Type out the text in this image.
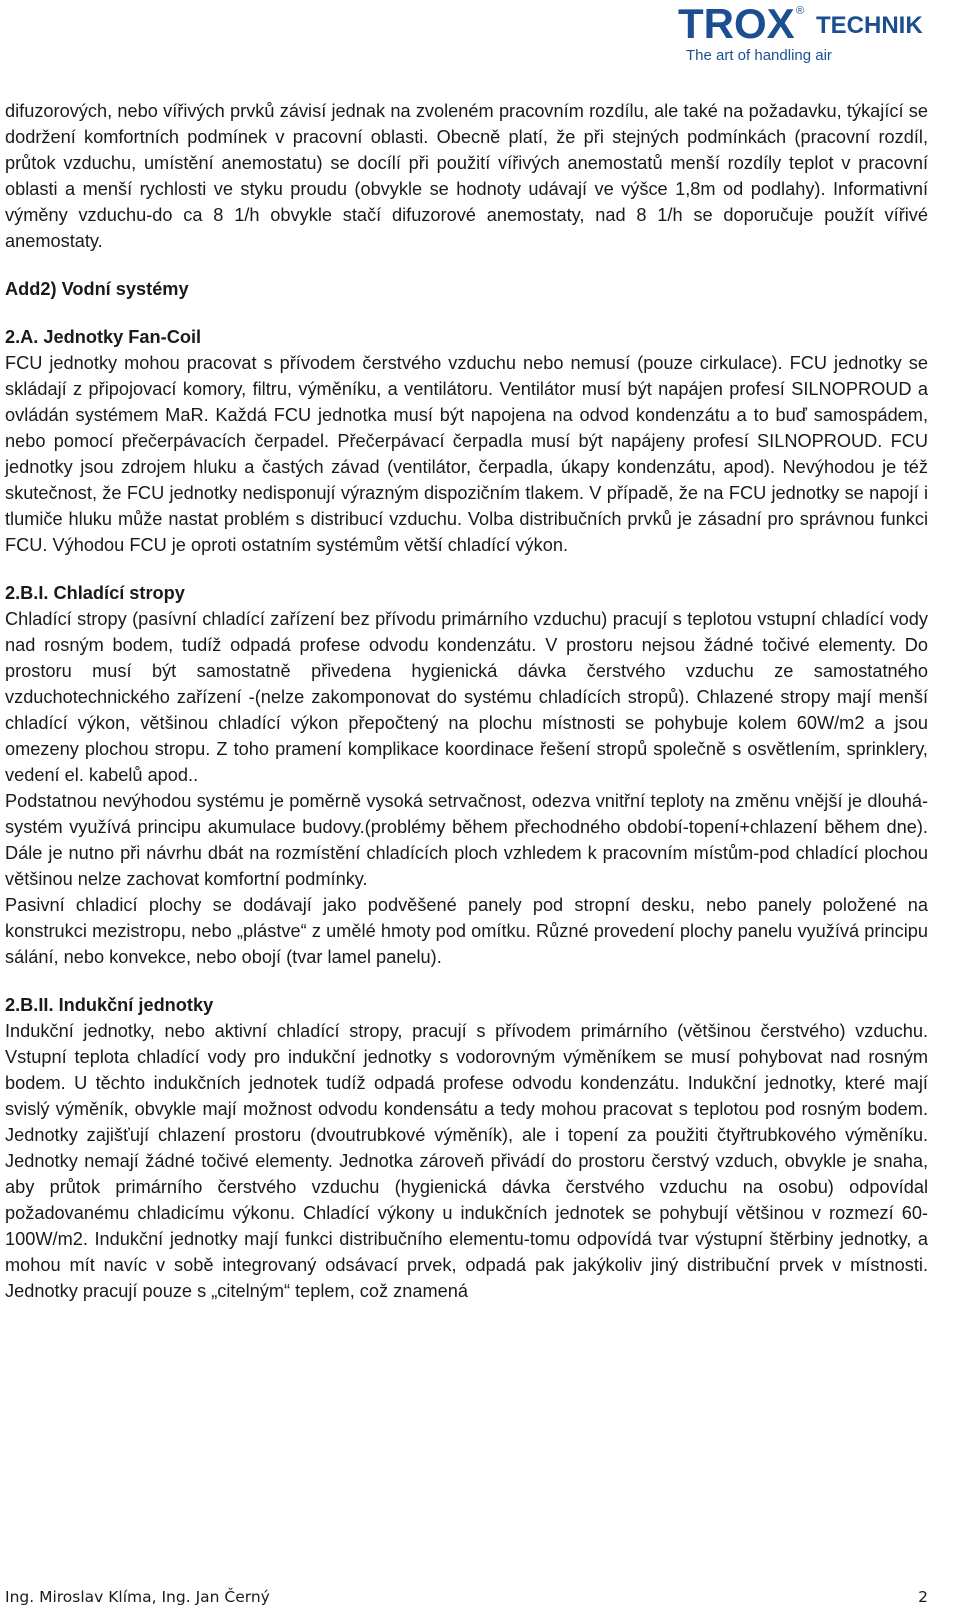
TROX ®
TECHNIK
The art of handling air

difuzorových, nebo vířivých prvků závisí jednak na zvoleném pracovním rozdílu, ale také na požadavku, týkající se dodržení komfortních podmínek v pracovní oblasti. Obecně platí, že při stejných podmínkách (pracovní rozdíl, průtok vzduchu, umístění anemostatu) se docílí při použití vířivých anemostatů menší rozdíly teplot v pracovní oblasti a menší rychlosti ve styku proudu (obvykle se hodnoty udávají ve výšce 1,8m od podlahy). Informativní výměny vzduchu-do ca 8 1/h obvykle stačí difuzorové anemostaty, nad 8 1/h se doporučuje použít vířivé anemostaty.

Add2) Vodní systémy
2.A. Jednotky Fan-Coil

FCU jednotky mohou pracovat s přívodem čerstvého vzduchu nebo nemusí (pouze cirkulace). FCU jednotky se skládají z připojovací komory, filtru, výměníku, a ventilátoru. Ventilátor musí být napájen profesí SILNOPROUD a ovládán systémem MaR. Každá FCU jednotka musí být napojena na odvod kondenzátu a to buď samospádem, nebo pomocí přečerpávacích čerpadel. Přečerpávací čerpadla musí být napájeny profesí SILNOPROUD. FCU jednotky jsou zdrojem hluku a častých závad (ventilátor, čerpadla, úkapy kondenzátu, apod). Nevýhodou je též skutečnost, že FCU jednotky nedisponují výrazným dispozičním tlakem. V případě, že na FCU jednotky se napojí i tlumiče hluku může nastat problém s distribucí vzduchu. Volba distribučních prvků je zásadní pro správnou funkci FCU. Výhodou FCU je oproti ostatním systémům větší chladící výkon.

2.B.I. Chladící stropy

Chladící stropy (pasívní chladící zařízení bez přívodu primárního vzduchu) pracují s teplotou vstupní chladící vody nad rosným bodem, tudíž odpadá profese odvodu kondenzátu. V prostoru nejsou žádné točivé elementy. Do prostoru musí být samostatně přivedena hygienická dávka čerstvého vzduchu ze samostatného vzduchotechnického zařízení -(nelze zakomponovat do systému chladících stropů). Chlazené stropy mají menší chladící výkon, většinou chladící výkon přepočtený na plochu místnosti se pohybuje kolem 60W/m2 a jsou omezeny plochou stropu. Z toho pramení komplikace koordinace řešení stropů společně s osvětlením, sprinklery, vedení el. kabelů apod..

Podstatnou nevýhodou systému je poměrně vysoká setrvačnost, odezva vnitřní teploty na změnu vnější je dlouhá-systém využívá principu akumulace budovy.(problémy během přechodného období-topení+chlazení během dne). Dále je nutno při návrhu dbát na rozmístění chladících ploch vzhledem k pracovním místům-pod chladící plochou většinou nelze zachovat komfortní podmínky.

Pasivní chladicí plochy se dodávají jako podvěšené panely pod stropní desku, nebo panely položené na konstrukci mezistropu, nebo „plástve“ z umělé hmoty pod omítku. Různé provedení plochy panelu využívá principu sálání, nebo konvekce, nebo obojí (tvar lamel panelu).

2.B.II. Indukční jednotky

Indukční jednotky, nebo aktivní chladící stropy, pracují s přívodem primárního (většinou čerstvého) vzduchu. Vstupní teplota chladící vody pro indukční jednotky s vodorovným výměníkem se musí pohybovat nad rosným bodem. U těchto indukčních jednotek tudíž odpadá profese odvodu kondenzátu. Indukční jednotky, které mají svislý výměník, obvykle mají možnost odvodu kondensátu a tedy mohou pracovat s teplotou pod rosným bodem. Jednotky zajišťují chlazení prostoru (dvoutrubkové výměník), ale i topení za použiti čtyřtrubkového výměníku. Jednotky nemají žádné točivé elementy. Jednotka zároveň přivádí do prostoru čerstvý vzduch, obvykle je snaha, aby průtok primárního čerstvého vzduchu (hygienická dávka čerstvého vzduchu na osobu) odpovídal požadovanému chladicímu výkonu. Chladící výkony u indukčních jednotek se pohybují většinou v rozmezí 60-100W/m2. Indukční jednotky mají funkci distribučního elementu-tomu odpovídá tvar výstupní štěrbiny jednotky, a mohou mít navíc v sobě integrovaný odsávací prvek, odpadá pak jakýkoliv jiný distribuční prvek v místnosti. Jednotky pracují pouze s „citelným“ teplem, což znamená

Ing. Miroslav Klíma, Ing. Jan Černý	2
